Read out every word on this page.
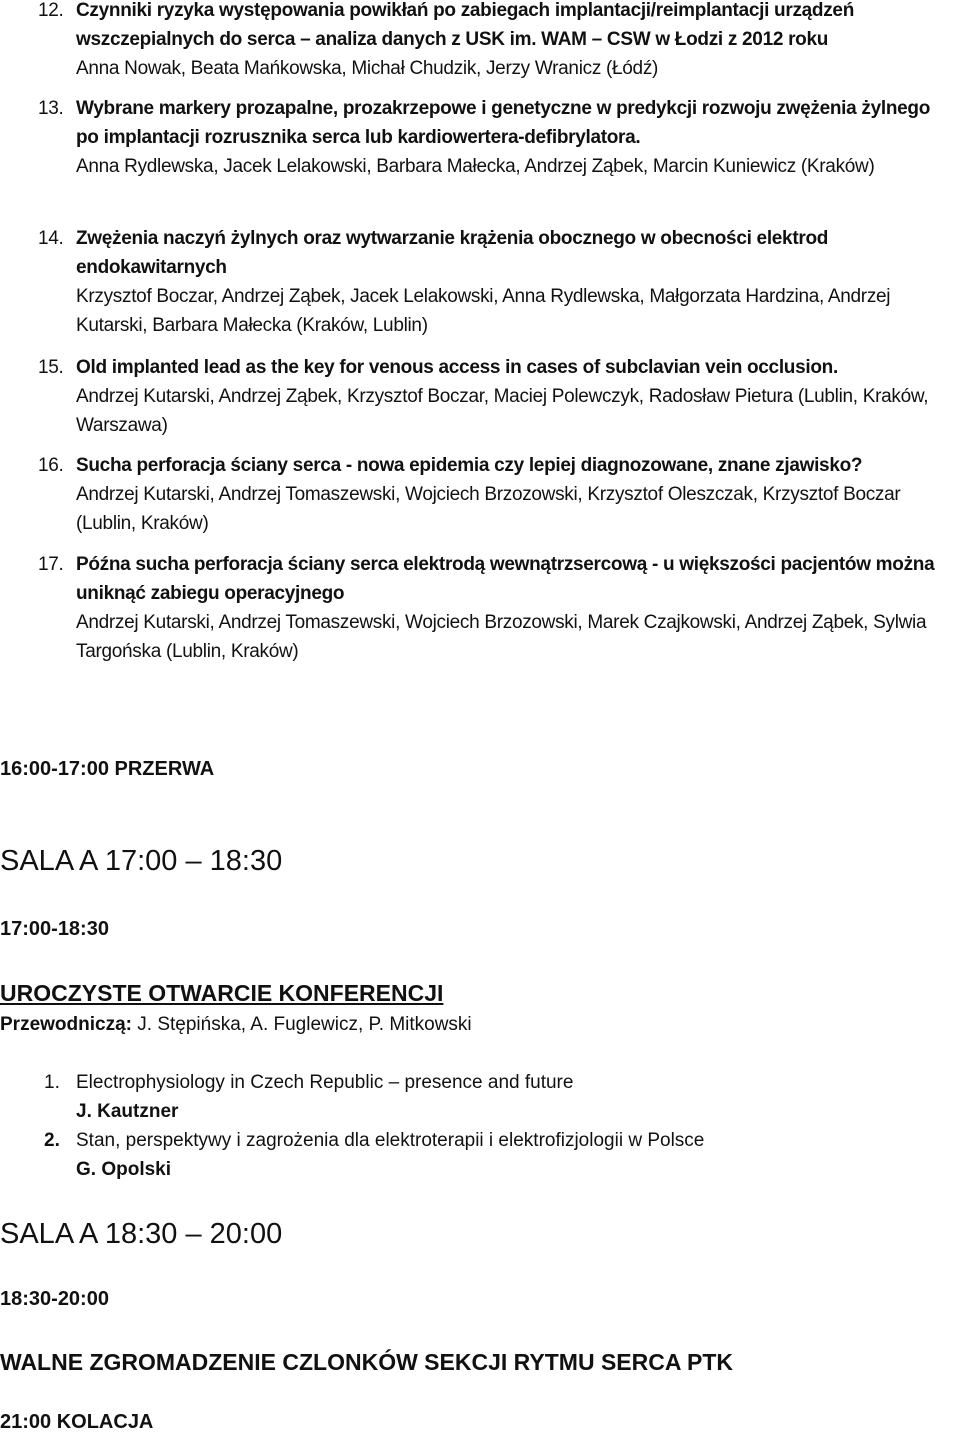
12. Czynniki ryzyka występowania powikłań po zabiegach implantacji/reimplantacji urządzeń wszczepialnych do serca – analiza danych z USK im. WAM – CSW w Łodzi z 2012 roku
Anna Nowak, Beata Mańkowska, Michał Chudzik, Jerzy Wranicz (Łódź)
13. Wybrane markery prozapalne, prozakrzepowe i genetyczne w predykcji rozwoju zwężenia żylnego po implantacji rozrusznika serca lub kardiowertera-defibrylatora.
Anna Rydlewska, Jacek Lelakowski, Barbara Małecka, Andrzej Ząbek, Marcin Kuniewicz (Kraków)
14. Zwężenia naczyń żylnych oraz wytwarzanie krążenia obocznego w obecności elektrod endokawitarnych
Krzysztof Boczar, Andrzej Ząbek, Jacek Lelakowski, Anna Rydlewska, Małgorzata Hardzina, Andrzej Kutarski, Barbara Małecka (Kraków, Lublin)
15. Old implanted lead as the key for venous access in cases of subclavian vein occlusion.
Andrzej Kutarski, Andrzej Ząbek, Krzysztof Boczar, Maciej Polewczyk, Radosław Pietura (Lublin, Kraków, Warszawa)
16. Sucha perforacja ściany serca - nowa epidemia czy lepiej diagnozowane, znane zjawisko?
Andrzej Kutarski, Andrzej Tomaszewski, Wojciech Brzozowski, Krzysztof Oleszczak, Krzysztof Boczar (Lublin, Kraków)
17. Późna sucha perforacja ściany serca elektrodą wewnątrzsercową - u większości pacjentów można uniknąć zabiegu operacyjnego
Andrzej Kutarski, Andrzej Tomaszewski, Wojciech Brzozowski, Marek Czajkowski, Andrzej Ząbek, Sylwia Targońska (Lublin, Kraków)
16:00-17:00 PRZERWA
SALA A 17:00 – 18:30
17:00-18:30
UROCZYSTE OTWARCIE KONFERENCJI
Przewodniczą: J. Stępińska, A. Fuglewicz, P. Mitkowski
1. Electrophysiology in Czech Republic – presence and future
J. Kautzner
2. Stan, perspektywy i zagrożenia dla elektroterapii i elektrofizjologii w Polsce
G. Opolski
SALA A 18:30 – 20:00
18:30-20:00
WALNE ZGROMADZENIE CZLONKÓW SEKCJI RYTMU SERCA PTK
21:00 KOLACJA
